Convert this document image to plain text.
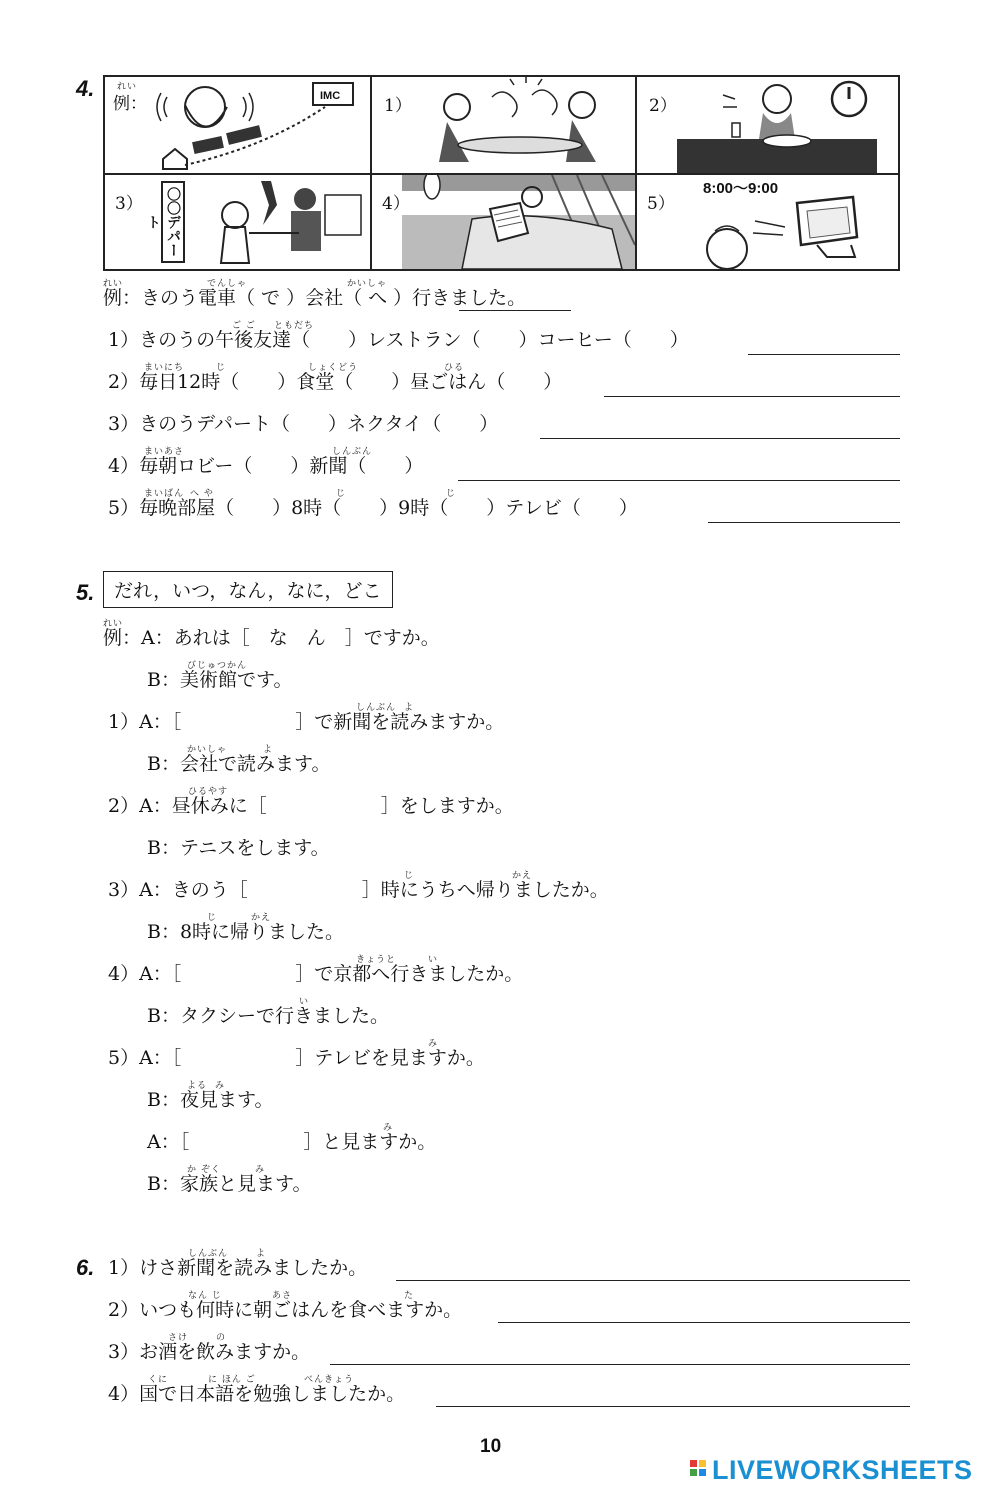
4.	れい
例：	IMC	1）	2）
3） 〇〇デパート
4）	5）
8:00～9:00
れい	でんしゃ	かいしゃ
例：きのう電車（ で ）会社（ へ ）行きました。
ご ご ともだち
1）きのうの午後友達（　　）レストラン（　　）コーヒー（　　）
まいにち	じ	しょくどう	ひる
2）毎日12時（　　）食堂（　　）昼ごはん（　　）
3）きのうデパート（　　）ネクタイ（　　）
まいあさ	しんぶん
4）毎朝ロビー（　　）新聞（　　）
まいばん へ や	じ	じ
5）毎晩部屋（　　）8時（　　）9時（　　）テレビ（　　）
5.	だれ，いつ，なん，なに，どこ
れい
例：A：あれは［　な　ん　］ですか。
びじゅつかん
B：美術館です。
しんぶん よ
1）A：［　　　　　　］で新聞を読みますか。
かいしゃ	よ
B：会社で読みます。
ひるやす
2）A：昼休みに［　　　　　　］をしますか。
B：テニスをします。
じ	かえ
3）A：きのう［　　　　　　］時にうちへ帰りましたか。
じ	かえ
B：8時に帰りました。
きょうと	い
4）A：［　　　　　　］で京都へ行きましたか。
い
B：タクシーで行きました。
み
5）A：［　　　　　　］テレビを見ますか。
よる み
B：夜見ます。
み
A：［　　　　　　］と見ますか。
か ぞく	み
B：家族と見ます。
6.
しんぶん	よ
1）けさ新聞を読みましたか。
なん じ	あさ	た
2）いつも何時に朝ごはんを食べますか。
さけ	の
3）お酒を飲みますか。
くに	に ほん ご	べんきょう
4）国で日本語を勉強しましたか。
10
LIVEWORKSHEETS
